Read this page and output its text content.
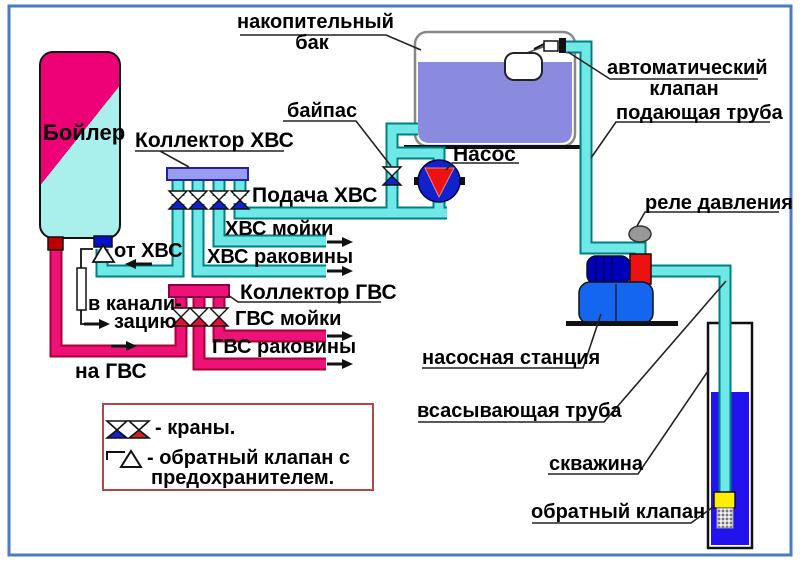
Бойлер
накопительный
бак
байпас
Коллектор ХВС
Насос
автоматический
клапан
подающая труба
Подача ХВС
ХВС мойки
ХВС раковины
от ХВС
в канали-
зацию
Коллектор ГВС
ГВС мойки
ГВС раковины
на ГВС
реле давления
насосная станция
всасывающая труба
скважина
обратный клапан
- краны.
- обратный клапан с
предохранителем.
